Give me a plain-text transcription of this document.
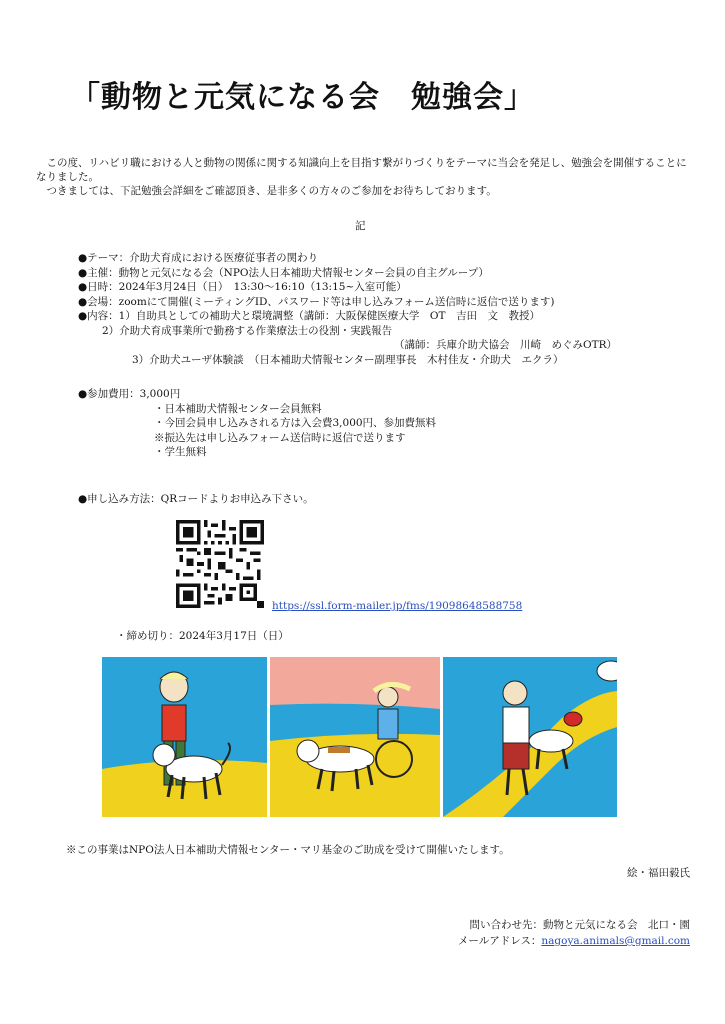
「動物と元気になる会　勉強会」

この度、リハビリ職における人と動物の関係に関する知識向上を目指す繋がりづくりをテーマに当会を発足し、勉強会を開催することになりました。

つきましては、下記勉強会詳細をご確認頂き、是非多くの方々のご参加をお待ちしております。

記
●テーマ：介助犬育成における医療従事者の関わり
●主催：動物と元気になる会（NPO法人日本補助犬情報センター会員の自主グループ）
●日時：2024年3月24日（日）　13:30〜16:10（13:15~入室可能）
●会場：zoomにて開催(ミーティングID、パスワード等は申し込みフォーム送信時に返信で送ります)
●内容：1）自助具としての補助犬と環境調整（講師：大阪保健医療大学　OT　吉田　文　教授）
2）介助犬育成事業所で勤務する作業療法士の役割・実践報告
（講師：兵庫介助犬協会　川崎　めぐみOTR）
3）介助犬ユーザ体験談　（日本補助犬情報センター副理事長　木村佳友・介助犬　エクラ）
●参加費用：3,000円
・日本補助犬情報センター会員無料
・今回会員申し込みされる方は入会費3,000円、参加費無料
※振込先は申し込みフォーム送信時に返信で送ります
・学生無料
●申し込み方法：QRコードよりお申込み下さい。
https://ssl.form-mailer.jp/fms/19098648588758
・締め切り：2024年3月17日（日）
※この事業はNPO法人日本補助犬情報センター・マリ基金のご助成を受けて開催いたします。
絵・福田毅氏
問い合わせ先：動物と元気になる会　北口・園
メールアドレス：nagoya.animals@gmail.com
